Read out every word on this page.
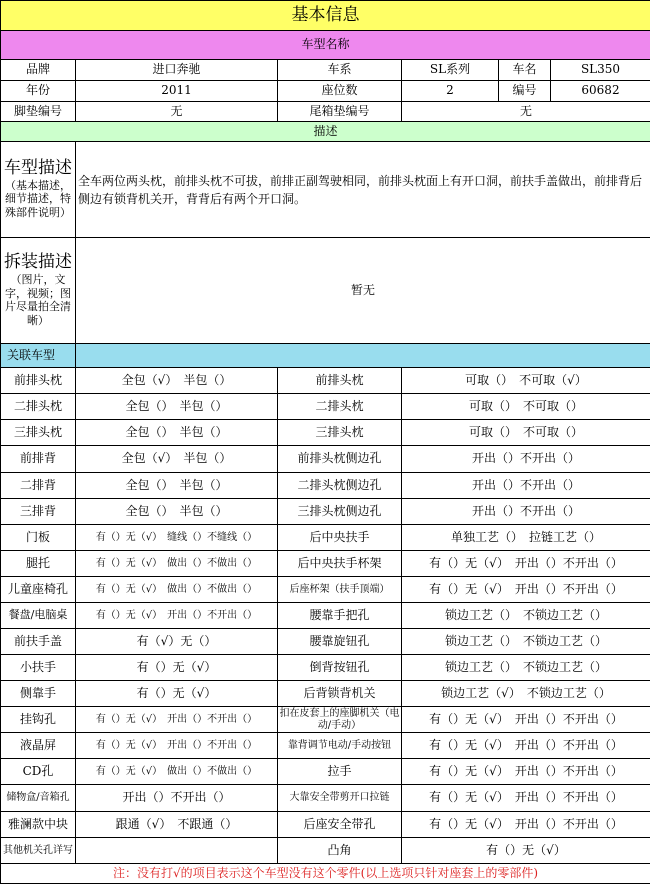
基本信息					
车型名称					
品牌	进口奔驰	车系	SL系列	车名	SL350
年份	2011	座位数	2	编号	60682
脚垫编号	无	尾箱垫编号	无		
描述					

车型描述
（基本描述，细节描述，特殊部件说明）	全车两位两头枕，前排头枕不可拔，前排正副驾驶相同，前排头枕面上有开口洞，前扶手盖做出，前排背后侧边有锁背机关开，背背后有两个开口洞。				

拆装描述
（图片，文字，视频；图片尽量拍全清晰）	暂无				
关联车型					
前排头枕	全包（√）　半包（）	前排头枕	可取（）　不可取（√）		
二排头枕	全包（）　半包（）	二排头枕	可取（）　不可取（）		
三排头枕	全包（）　半包（）	三排头枕	可取（）　不可取（）		
前排背	全包（√）　半包（）	前排头枕侧边孔	开出（）不开出（）		
二排背	全包（）　半包（）	二排头枕侧边孔	开出（）不开出（）		
三排背	全包（）　半包（）	三排头枕侧边孔	开出（）不开出（）		
门板	有（）无（√）　缝线（）不缝线（）	后中央扶手	单独工艺（）　拉链工艺（）		
腿托	有（）无（√）　做出（）不做出（）	后中央扶手杯架	有（）无（√）　开出（）不开出（）		
儿童座椅孔	有（）无（√）　做出（）不做出（）	后座杯架（扶手顶端）	有（）无（√）　开出（）不开出（）		
餐盘/电脑桌	有（）无（√）　开出（）不开出（）	腰靠手把孔	锁边工艺（）　不锁边工艺（）		
前扶手盖	有（√）无（）	腰靠旋钮孔	锁边工艺（）　不锁边工艺（）		
小扶手	有（）无（√）	倒背按钮孔	锁边工艺（）　不锁边工艺（）		
侧靠手	有（）无（√）	后背锁背机关	锁边工艺（√）　不锁边工艺（）		
挂钩孔	有（）无（√）　开出（）不开出（）	扣在皮套上的座脚机关（电动/手动）	有（）无（√）　开出（）不开出（）		
液晶屏	有（）无（√）　开出（）不开出（）	靠背调节电动/手动按钮	有（）无（√）　开出（）不开出（）		
CD孔	有（）无（√）　做出（）不做出（）	拉手	有（）无（√）　开出（）不开出（）		
储物盒/音箱孔	开出（）不开出（）	大靠安全带剪开口拉链	有（）无（√）　开出（）不开出（）		
雅澜款中块	跟通（√）　不跟通（）	后座安全带孔	有（）无（√）　开出（）不开出（）		
其他机关孔详写		凸角	有（）无（√）		
注：没有打√的项目表示这个车型没有这个零件(以上选项只针对座套上的零部件)					
